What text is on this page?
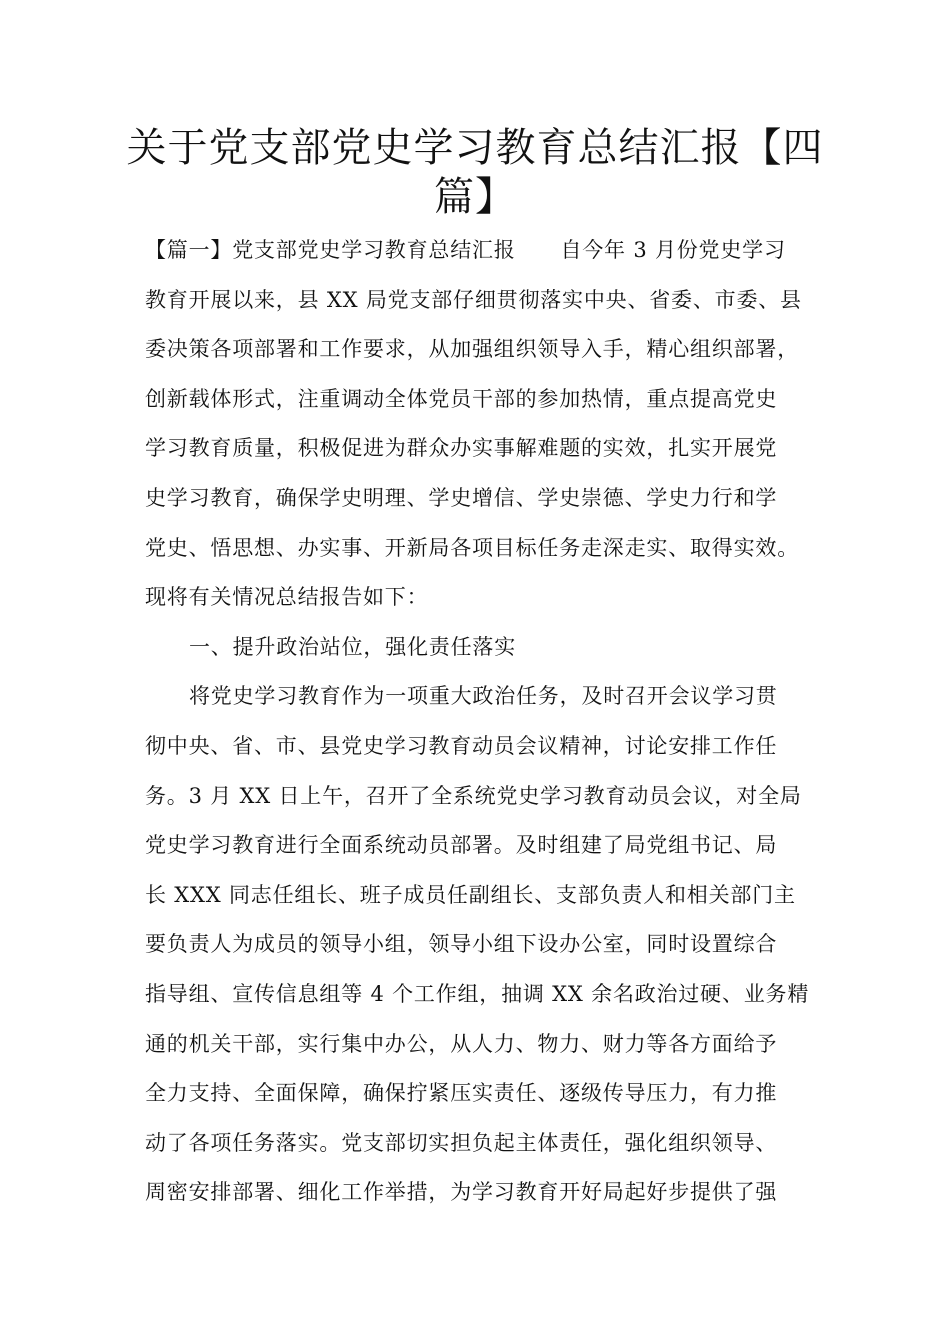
关于党支部党史学习教育总结汇报【四
篇】
【篇一】党支部党史学习教育总结汇报      自今年 3 月份党史学习
教育开展以来，县 XX 局党支部仔细贯彻落实中央、省委、市委、县
委决策各项部署和工作要求，从加强组织领导入手，精心组织部署，
创新载体形式，注重调动全体党员干部的参加热情，重点提高党史
学习教育质量，积极促进为群众办实事解难题的实效，扎实开展党
史学习教育，确保学史明理、学史增信、学史崇德、学史力行和学
党史、悟思想、办实事、开新局各项目标任务走深走实、取得实效。
现将有关情况总结报告如下：
一、提升政治站位，强化责任落实
将党史学习教育作为一项重大政治任务，及时召开会议学习贯
彻中央、省、市、县党史学习教育动员会议精神，讨论安排工作任
务。3 月 XX 日上午，召开了全系统党史学习教育动员会议，对全局
党史学习教育进行全面系统动员部署。及时组建了局党组书记、局
长 XXX 同志任组长、班子成员任副组长、支部负责人和相关部门主
要负责人为成员的领导小组，领导小组下设办公室，同时设置综合
指导组、宣传信息组等 4 个工作组，抽调 XX 余名政治过硬、业务精
通的机关干部，实行集中办公，从人力、物力、财力等各方面给予
全力支持、全面保障，确保拧紧压实责任、逐级传导压力，有力推
动了各项任务落实。党支部切实担负起主体责任，强化组织领导、
周密安排部署、细化工作举措，为学习教育开好局起好步提供了强
